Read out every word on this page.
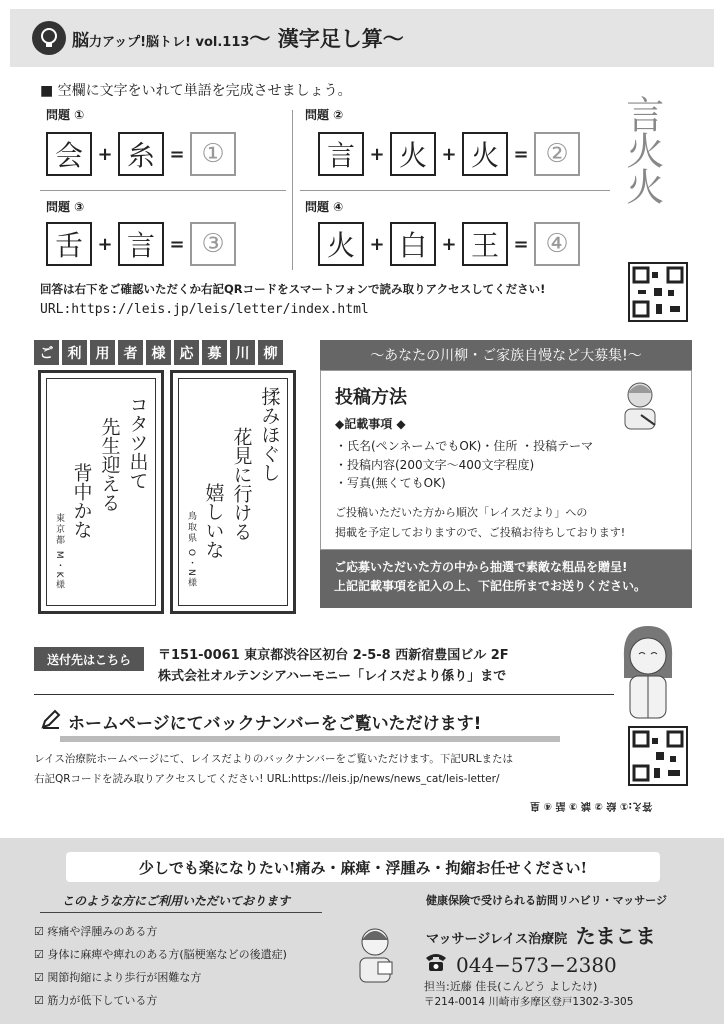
脳力アップ!脳トレ! vol.113〜 漢字足し算〜
■ 空欄に文字をいれて単語を完成させましょう。
問題 ①
会 + 糸 = ①
問題 ②
言 + 火 + 火 = ②
問題 ③
舌 + 言 = ③
問題 ④
火 + 白 + 王 = ④
言火火
回答は右下をご確認いただくか右記QRコードをスマートフォンで読み取りアクセスしてください!
URL:https://leis.jp/leis/letter/index.html
ご	利	用	者	様	応	募	川	柳
コタツ出て
先生迎える
背中かな
東京都 M・K様
揉みほぐし
花見に行ける
嬉しいな
鳥取県 O・N様
〜あなたの川柳・ご家族自慢など大募集!〜
投稿方法
◆記載事項 ◆
・氏名(ペンネームでもOK)・住所 ・投稿テーマ
・投稿内容(200文字〜400文字程度)
・写真(無くてもOK)
ご投稿いただいた方から順次「レイスだより」への
掲載を予定しておりますので、ご投稿お待ちしております!
ご応募いただいた方の中から抽選で素敵な粗品を贈呈!
上記記載事項を記入の上、下記住所までお送りください。
送付先はこちら	〒151-0061 東京都渋谷区初台 2-5-8 西新宿豊国ビル 2F
株式会社オルテンシアハーモニー「レイスだより係り」まで
ホームページにてバックナンバーをご覧いただけます!
レイス治療院ホームページにて、レイスだよりのバックナンバーをご覧いただけます。下記URLまたは
右記QRコードを読み取りアクセスしてください! URL:https://leis.jp/news/news_cat/leis-letter/
答え:① 絵 ② 談 ③ 話 ④ 皇
少しでも楽になりたい!痛み・麻痺・浮腫み・拘縮お任せください!
このような方にご利用いただいております
☑ 疼痛や浮腫みのある方
☑ 身体に麻痺や痺れのある方(脳梗塞などの後遺症)
☑ 関節拘縮により歩行が困難な方
☑ 筋力が低下している方
健康保険で受けられる訪問リハビリ・マッサージ
マッサージレイス治療院 たまこま
044−573−2380
担当:近藤 佳長(こんどう よしたけ)
〒214-0014 川崎市多摩区登戸1302-3-305
